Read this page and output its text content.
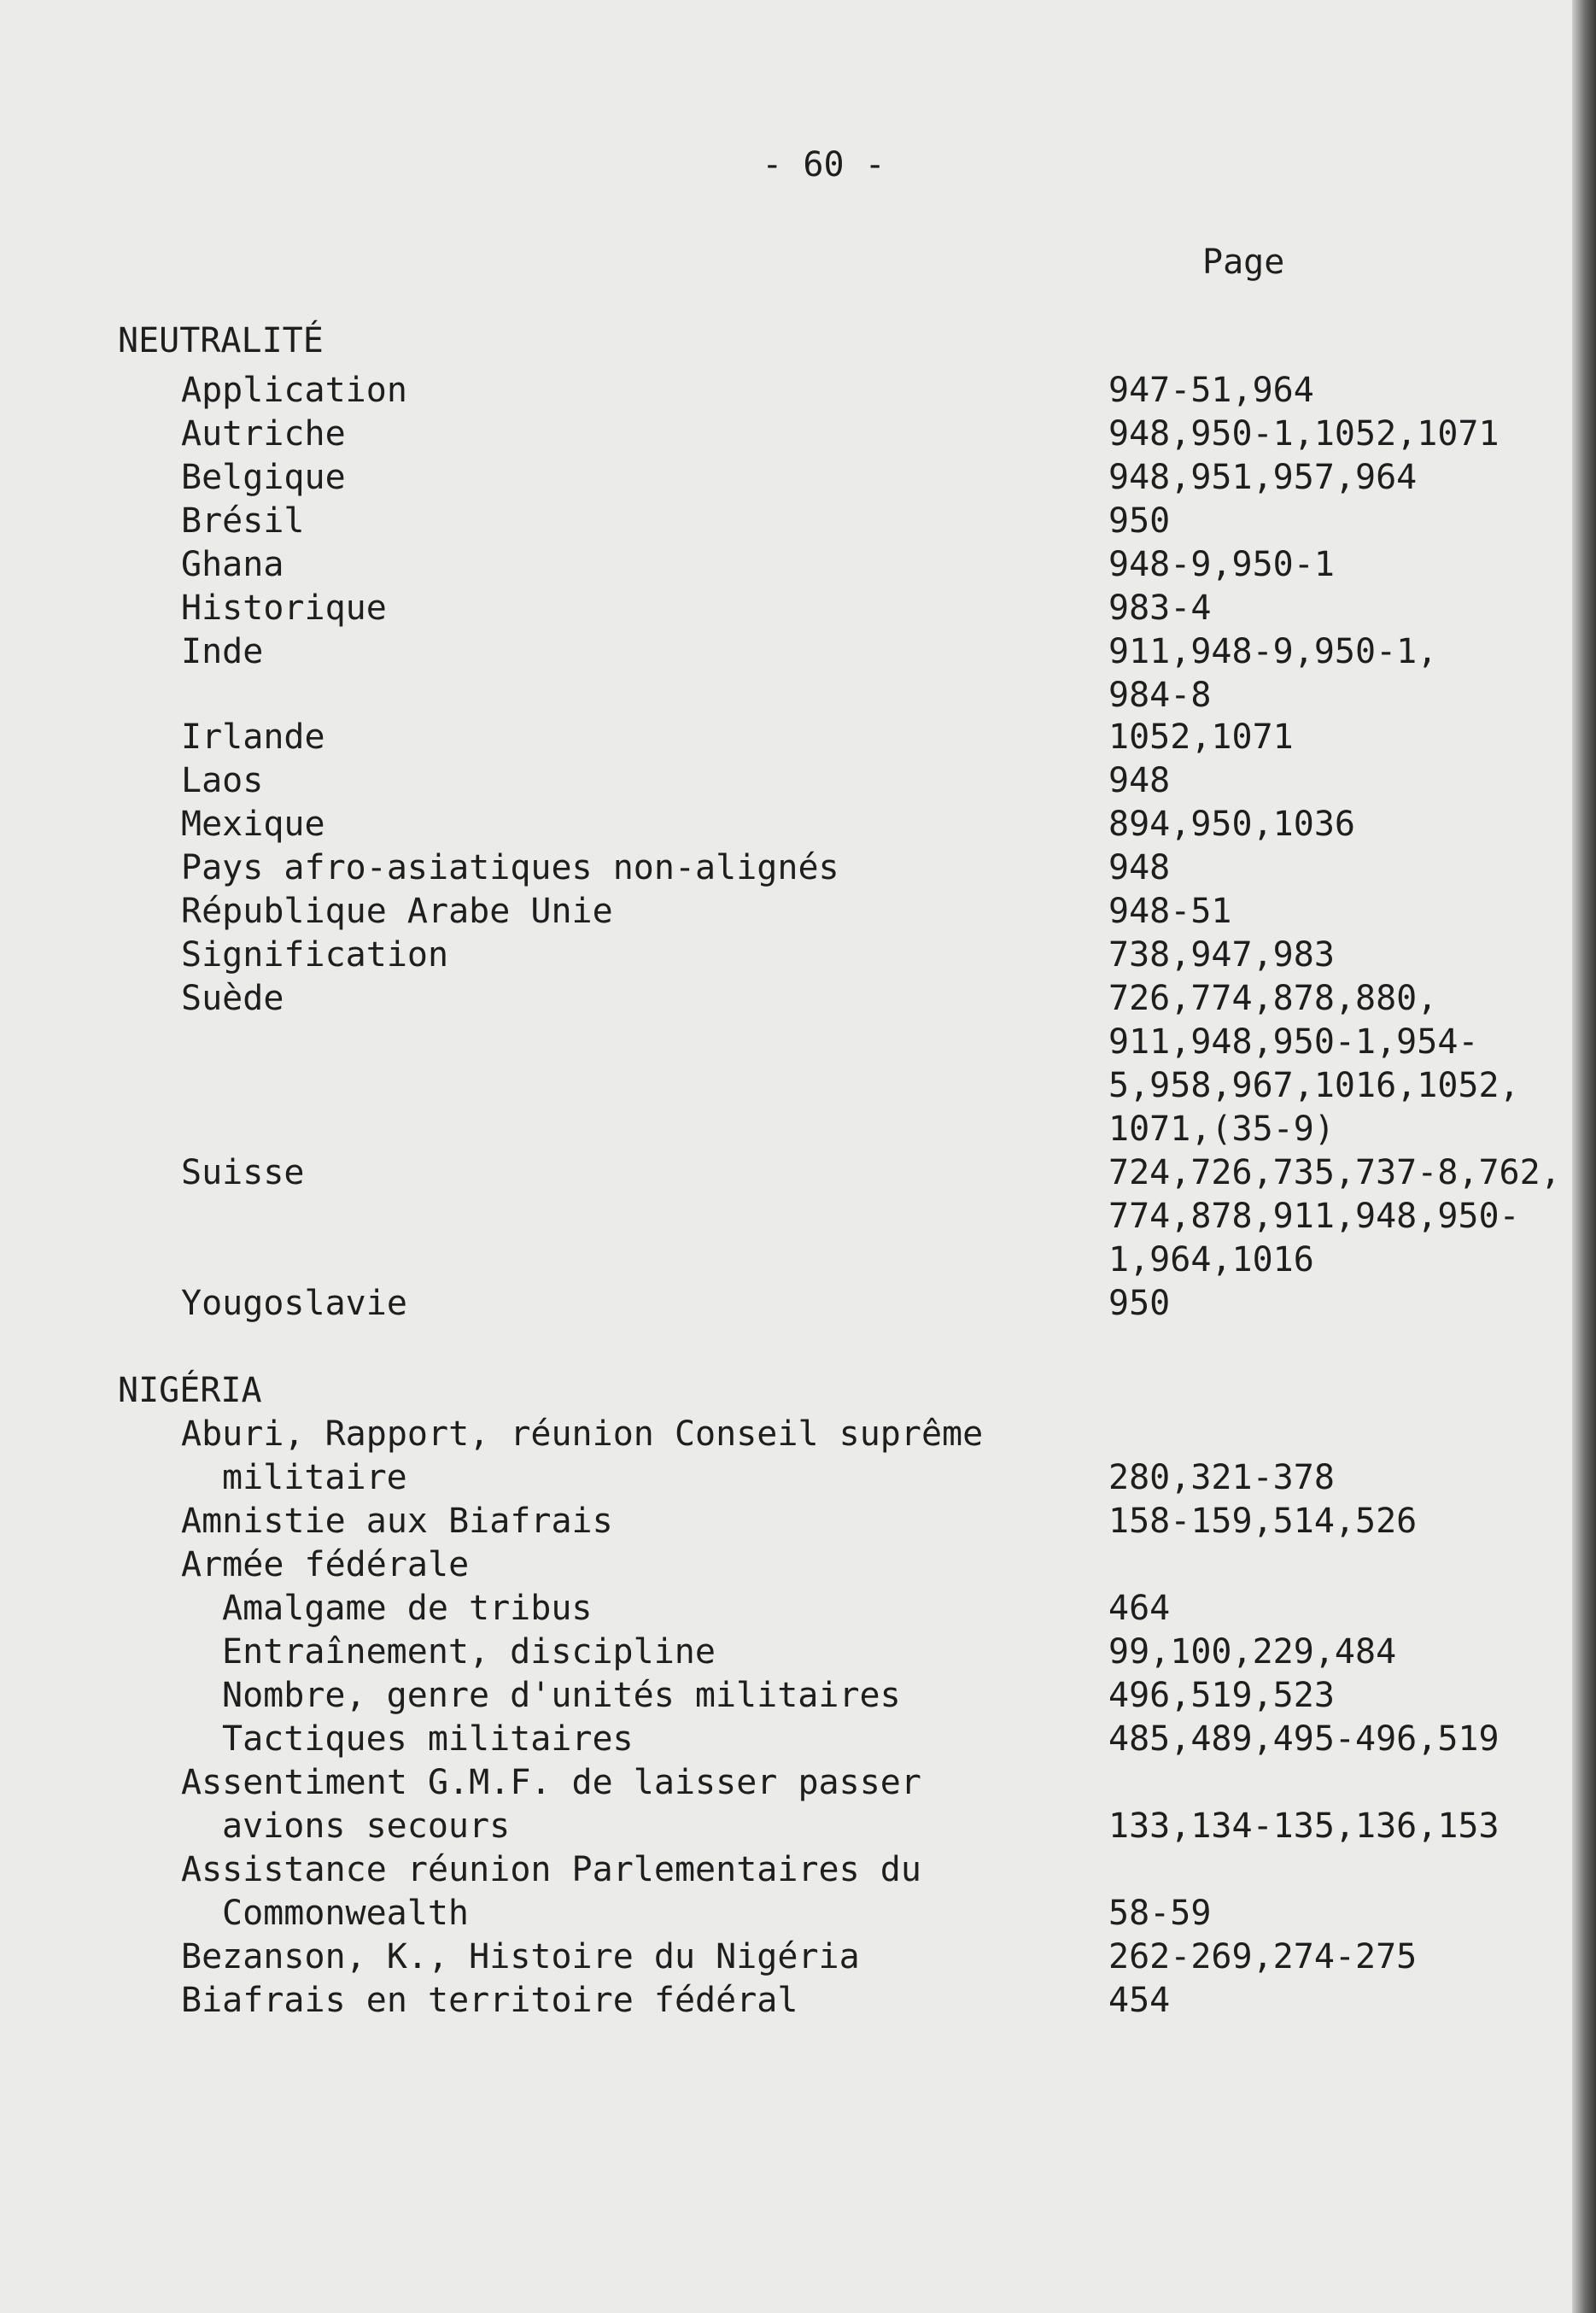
- 60 -
Page
NEUTRALITÉ
Application	947-51,964
Autriche	948,950-1,1052,1071
Belgique	948,951,957,964
Brésil	950
Ghana	948-9,950-1
Historique	983-4
Inde	911,948-9,950-1,
984-8
Irlande	1052,1071
Laos	948
Mexique	894,950,1036
Pays afro-asiatiques non-alignés	948
République Arabe Unie	948-51
Signification	738,947,983
Suède	726,774,878,880,
911,948,950-1,954-
5,958,967,1016,1052,
1071,(35-9)
Suisse	724,726,735,737-8,762,
774,878,911,948,950-
1,964,1016
Yougoslavie	950
NIGÉRIA
Aburi, Rapport, réunion Conseil suprême
militaire	280,321-378
Amnistie aux Biafrais	158-159,514,526
Armée fédérale
Amalgame de tribus	464
Entraînement, discipline	99,100,229,484
Nombre, genre d'unités militaires	496,519,523
Tactiques militaires	485,489,495-496,519
Assentiment G.M.F. de laisser passer
avions secours	133,134-135,136,153
Assistance réunion Parlementaires du
Commonwealth	58-59
Bezanson, K., Histoire du Nigéria	262-269,274-275
Biafrais en territoire fédéral	454
